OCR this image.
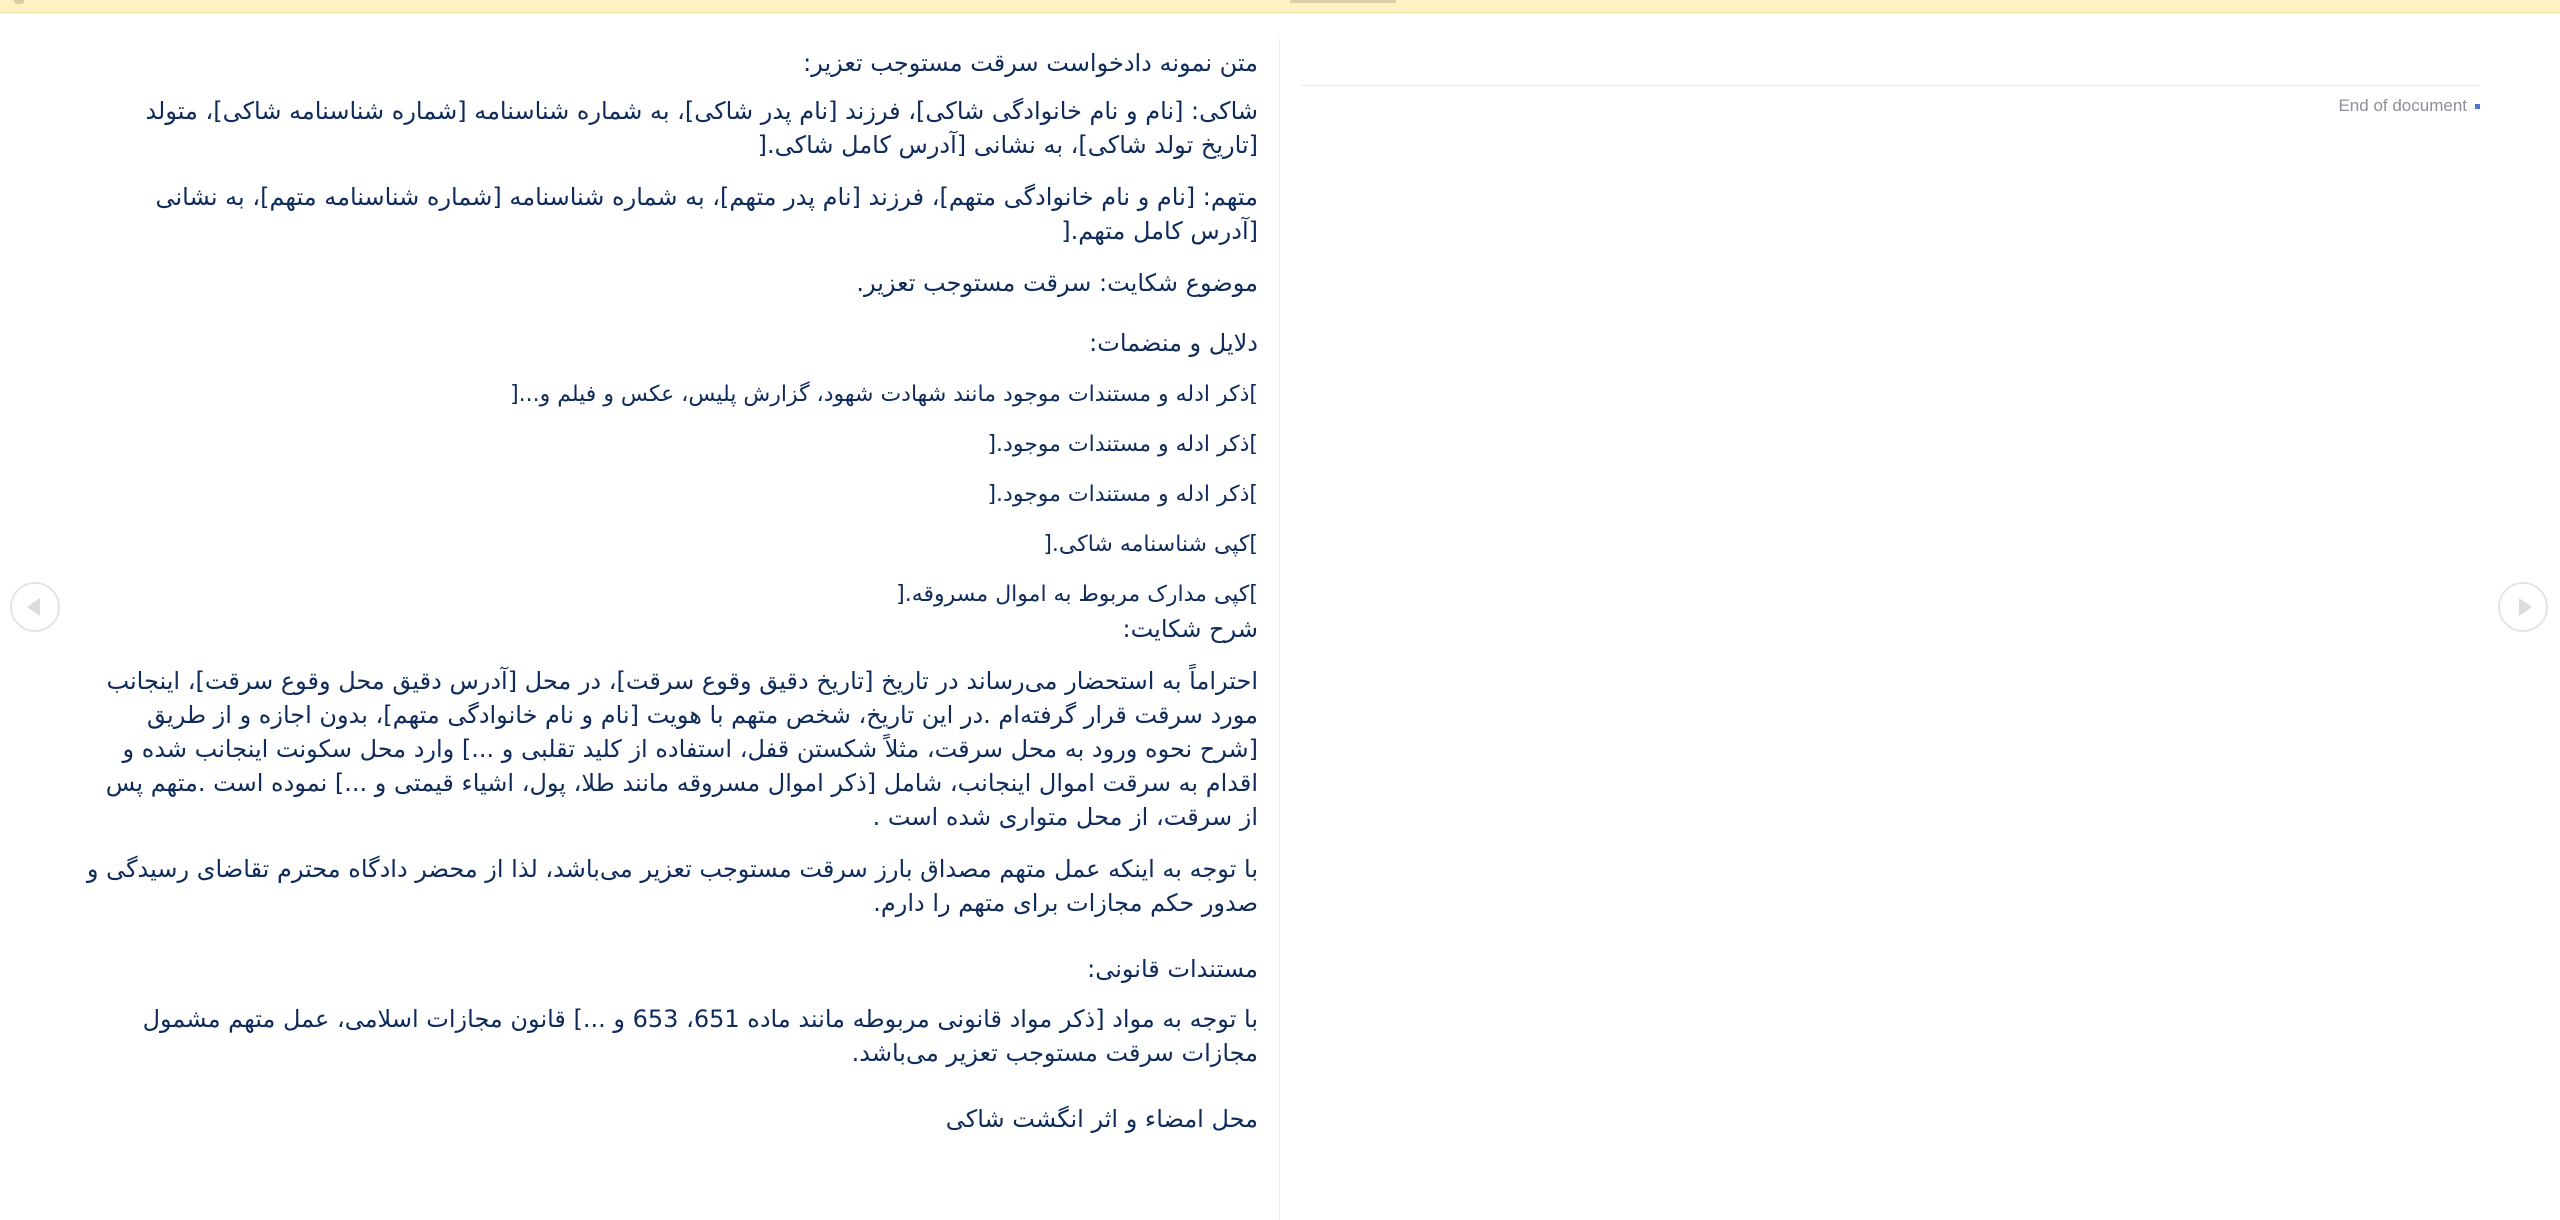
متن نمونه دادخواست سرقت مستوجب تعزیر:

شاکی: [نام و نام خانوادگی شاکی]، فرزند [نام پدر شاکی]، به شماره شناسنامه [شماره شناسنامه شاکی]، متولد [تاریخ تولد شاکی]، به نشانی [آدرس کامل شاکی.[

متهم: [نام و نام خانوادگی متهم]، فرزند [نام پدر متهم]، به شماره شناسنامه [شماره شناسنامه متهم]، به نشانی [آدرس کامل متهم.[

موضوع شکایت: سرقت مستوجب تعزیر.

دلایل و منضمات:

]ذکر ادله و مستندات موجود مانند شهادت شهود، گزارش پلیس، عکس و فیلم و...[

]ذکر ادله و مستندات موجود.[

]ذکر ادله و مستندات موجود.[

]کپی شناسنامه شاکی.[

]کپی مدارک مربوط به اموال مسروقه.[

شرح شکایت:

احتراماً به استحضار می‌رساند در تاریخ [تاریخ دقیق وقوع سرقت]، در محل [آدرس دقیق محل وقوع سرقت]، اینجانب مورد سرقت قرار گرفته‌ام .در این تاریخ، شخص متهم با هویت [نام و نام خانوادگی متهم]، بدون اجازه و از طریق [شرح نحوه ورود به محل سرقت، مثلاً شکستن قفل، استفاده از کلید تقلبی و ...] وارد محل سکونت اینجانب شده و اقدام به سرقت اموال اینجانب، شامل [ذکر اموال مسروقه مانند طلا، پول، اشیاء قیمتی و ...] نموده است .متهم پس از سرقت، از محل متواری شده است .

با توجه به اینکه عمل متهم مصداق بارز سرقت مستوجب تعزیر می‌باشد، لذا از محضر دادگاه محترم تقاضای رسیدگی و صدور حکم مجازات برای متهم را دارم.

مستندات قانونی:

با توجه به مواد [ذکر مواد قانونی مربوطه مانند ماده 651، 653 و ...] قانون مجازات اسلامی، عمل متهم مشمول مجازات سرقت مستوجب تعزیر می‌باشد.

محل امضاء و اثر انگشت شاکی

End of document
